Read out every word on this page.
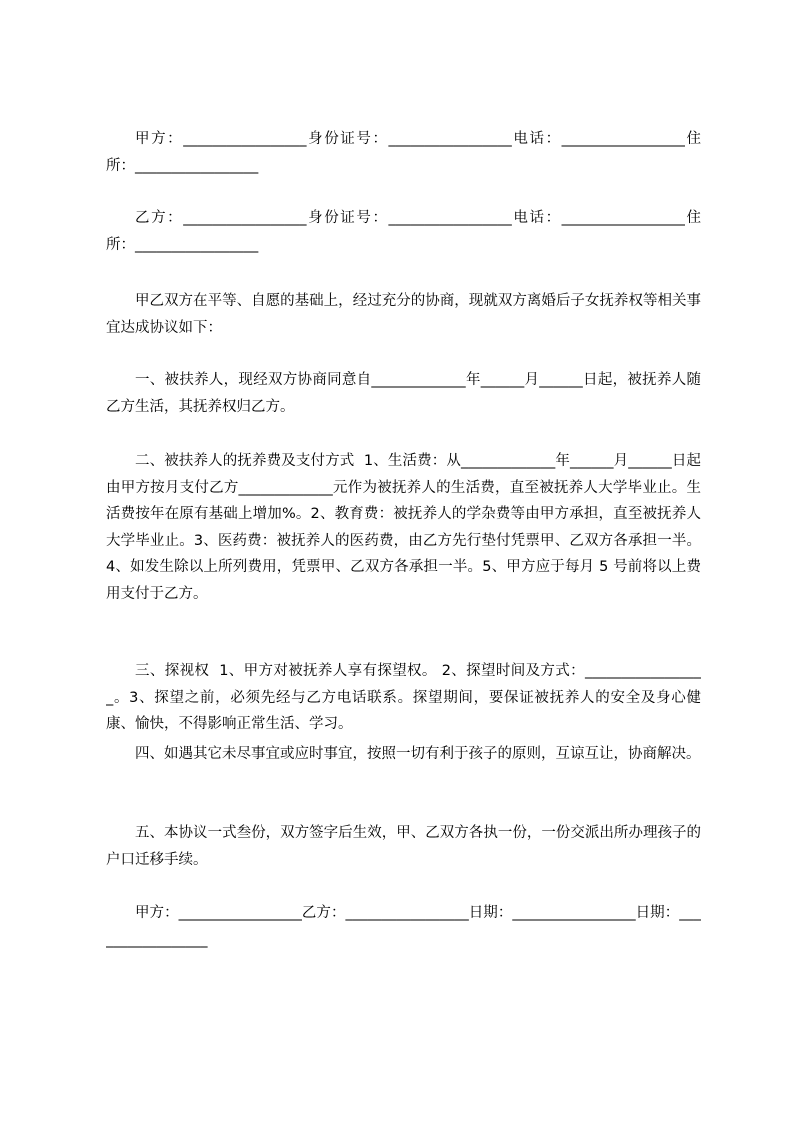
甲方：_________________身份证号：_________________电话：_________________住所：_________________

乙方：_________________身份证号：_________________电话：_________________住所：_________________

甲乙双方在平等、自愿的基础上，经过充分的协商，现就双方离婚后子女抚养权等相关事宜达成协议如下：

一、被扶养人，现经双方协商同意自_____________年______月______日起，被抚养人随乙方生活，其抚养权归乙方。

二、被扶养人的抚养费及支付方式  1、生活费：从_____________年______月______日起由甲方按月支付乙方_____________元作为被抚养人的生活费，直至被抚养人大学毕业止。生活费按年在原有基础上增加%。2、教育费：被抚养人的学杂费等由甲方承担，直至被抚养人大学毕业止。3、医药费：被抚养人的医药费，由乙方先行垫付凭票甲、乙双方各承担一半。4、如发生除以上所列费用，凭票甲、乙双方各承担一半。5、甲方应于每月 5 号前将以上费用支付于乙方。

三、探视权  1、甲方对被抚养人享有探望权。 2、探望时间及方式：_________________。3、探望之前，必须先经与乙方电话联系。探望期间，要保证被抚养人的安全及身心健康、愉快，不得影响正常生活、学习。

四、如遇其它未尽事宜或应时事宜，按照一切有利于孩子的原则，互谅互让，协商解决。

五、本协议一式叁份，双方签字后生效，甲、乙双方各执一份，一份交派出所办理孩子的户口迁移手续。

甲方：_________________乙方：_________________日期：_________________日期：_________________
